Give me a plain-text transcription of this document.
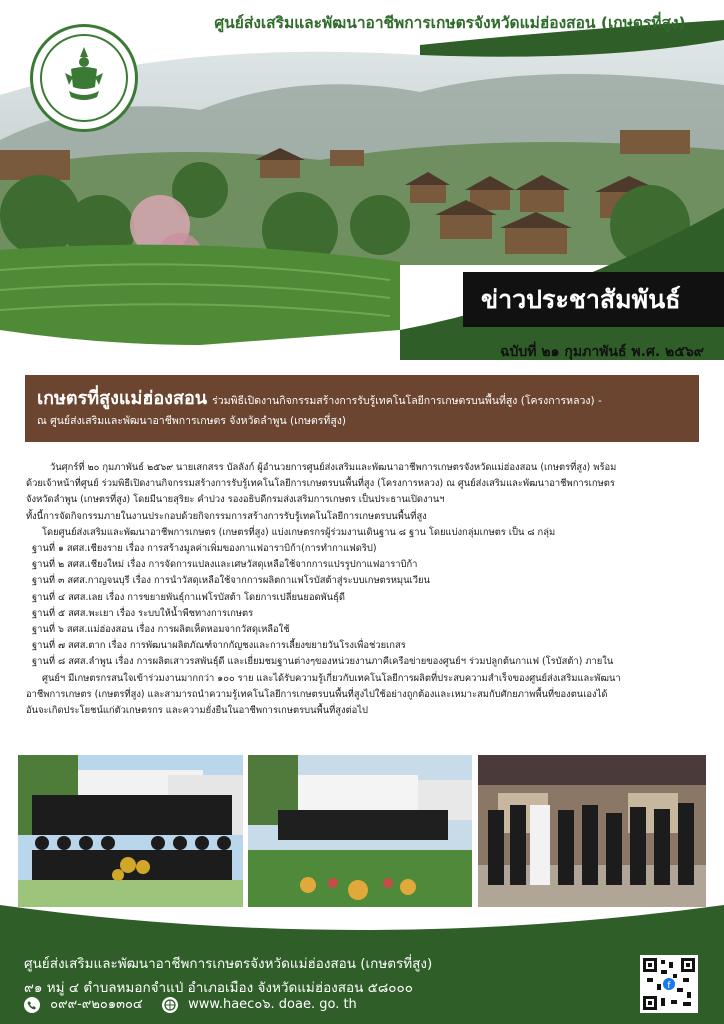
ศูนย์ส่งเสริมและพัฒนาอาชีพการเกษตรจังหวัดแม่ฮ่องสอน (เกษตรที่สูง)
ข่าวประชาสัมพันธ์
ฉบับที่ ๒๑ กุมภาพันธ์ พ.ศ. ๒๕๖๙
เกษตรที่สูงแม่ฮ่องสอน ร่วมพิธีเปิดงานกิจกรรมสร้างการรับรู้เทคโนโลยีการเกษตรบนพื้นที่สูง (โครงการหลวง) -
ณ ศูนย์ส่งเสริมและพัฒนาอาชีพการเกษตร จังหวัดลำพูน (เกษตรที่สูง)

วันศุกร์ที่ ๒๐ กุมภาพันธ์ ๒๕๖๙ นายเสกสรร บัลลังก์ ผู้อำนวยการศูนย์ส่งเสริมและพัฒนาอาชีพการเกษตรจังหวัดแม่ฮ่องสอน (เกษตรที่สูง) พร้อม

ด้วยเจ้าหน้าที่ศูนย์ ร่วมพิธีเปิดงานกิจกรรมสร้างการรับรู้เทคโนโลยีการเกษตรบนพื้นที่สูง (โครงการหลวง) ณ ศูนย์ส่งเสริมและพัฒนาอาชีพการเกษตร

จังหวัดลำพูน (เกษตรที่สูง) โดยมีนายสุริยะ คำปวง รองอธิบดีกรมส่งเสริมการเกษตร เป็นประธานเปิดงานฯ

ทั้งนี้การจัดกิจกรรมภายในงานประกอบด้วยกิจกรรมการสร้างการรับรู้เทคโนโลยีการเกษตรบนพื้นที่สูง

โดยศูนย์ส่งเสริมและพัฒนาอาชีพการเกษตร (เกษตรที่สูง) แบ่งเกษตรกรผู้ร่วมงานเดินฐาน ๘ ฐาน โดยแบ่งกลุ่มเกษตร เป็น ๘ กลุ่ม

ฐานที่ ๑ สศส.เชียงราย เรื่อง การสร้างมูลค่าเพิ่มของกาแฟอาราบิก้า(การทำกาแฟดริป)

ฐานที่ ๒ สศส.เชียงใหม่ เรื่อง การจัดการแปลงและเศษวัสดุเหลือใช้จากการแปรรูปกาแฟอาราบิก้า

ฐานที่ ๓ สศส.กาญจนบุรี เรื่อง การนำวัสดุเหลือใช้จากการผลิตกาแฟโรบัสต้าสู่ระบบเกษตรหมุนเวียน

ฐานที่ ๔ สศส.เลย เรื่อง การขยายพันธุ์กาแฟโรบัสต้า โดยการเปลี่ยนยอดพันธุ์ดี

ฐานที่ ๕ สศส.พะเยา เรื่อง ระบบให้น้ำพืชทางการเกษตร

ฐานที่ ๖ สศส.แม่ฮ่องสอน เรื่อง การผลิตเห็ดหอมจากวัสดุเหลือใช้

ฐานที่ ๗ สศส.ตาก เรื่อง การพัฒนาผลิตภัณฑ์จากกัญชงและการเลี้ยงขยายวันโรงเพื่อช่วยเกสร

ฐานที่ ๘ สศส.ลำพูน เรื่อง การผลิตเสาวรสพันธุ์ดี และเยี่ยมชมฐานต่างๆของหน่วยงานภาคีเครือข่ายของศูนย์ฯ ร่วมปลูกต้นกาแฟ (โรบัสต้า) ภายใน

ศูนย์ฯ มีเกษตรกรสนใจเข้าร่วมงานมากกว่า ๑๐๐ ราย และได้รับความรู้เกี่ยวกับเทคโนโลยีการผลิตที่ประสบความสำเร็จของศูนย์ส่งเสริมและพัฒนา

อาชีพการเกษตร (เกษตรที่สูง) และสามารถนำความรู้เทคโนโลยีการเกษตรบนพื้นที่สูงไปใช้อย่างถูกต้องและเหมาะสมกับศักยภาพพื้นที่ของตนเองได้

อันจะเกิดประโยชน์แก่ตัวเกษตรกร และความยั่งยืนในอาชีพการเกษตรบนพื้นที่สูงต่อไป

ศูนย์ส่งเสริมและพัฒนาอาชีพการเกษตรจังหวัดแม่ฮ่องสอน (เกษตรที่สูง)
๙๑ หมู่ ๔ ตำบลหมอกจำแป่ อำเภอเมือง จังหวัดแม่ฮ่องสอน ๕๘๐๐๐
๐๙๙-๙๒๐๑๓๐๔	www.haec๐๖. doae. go. th
f
